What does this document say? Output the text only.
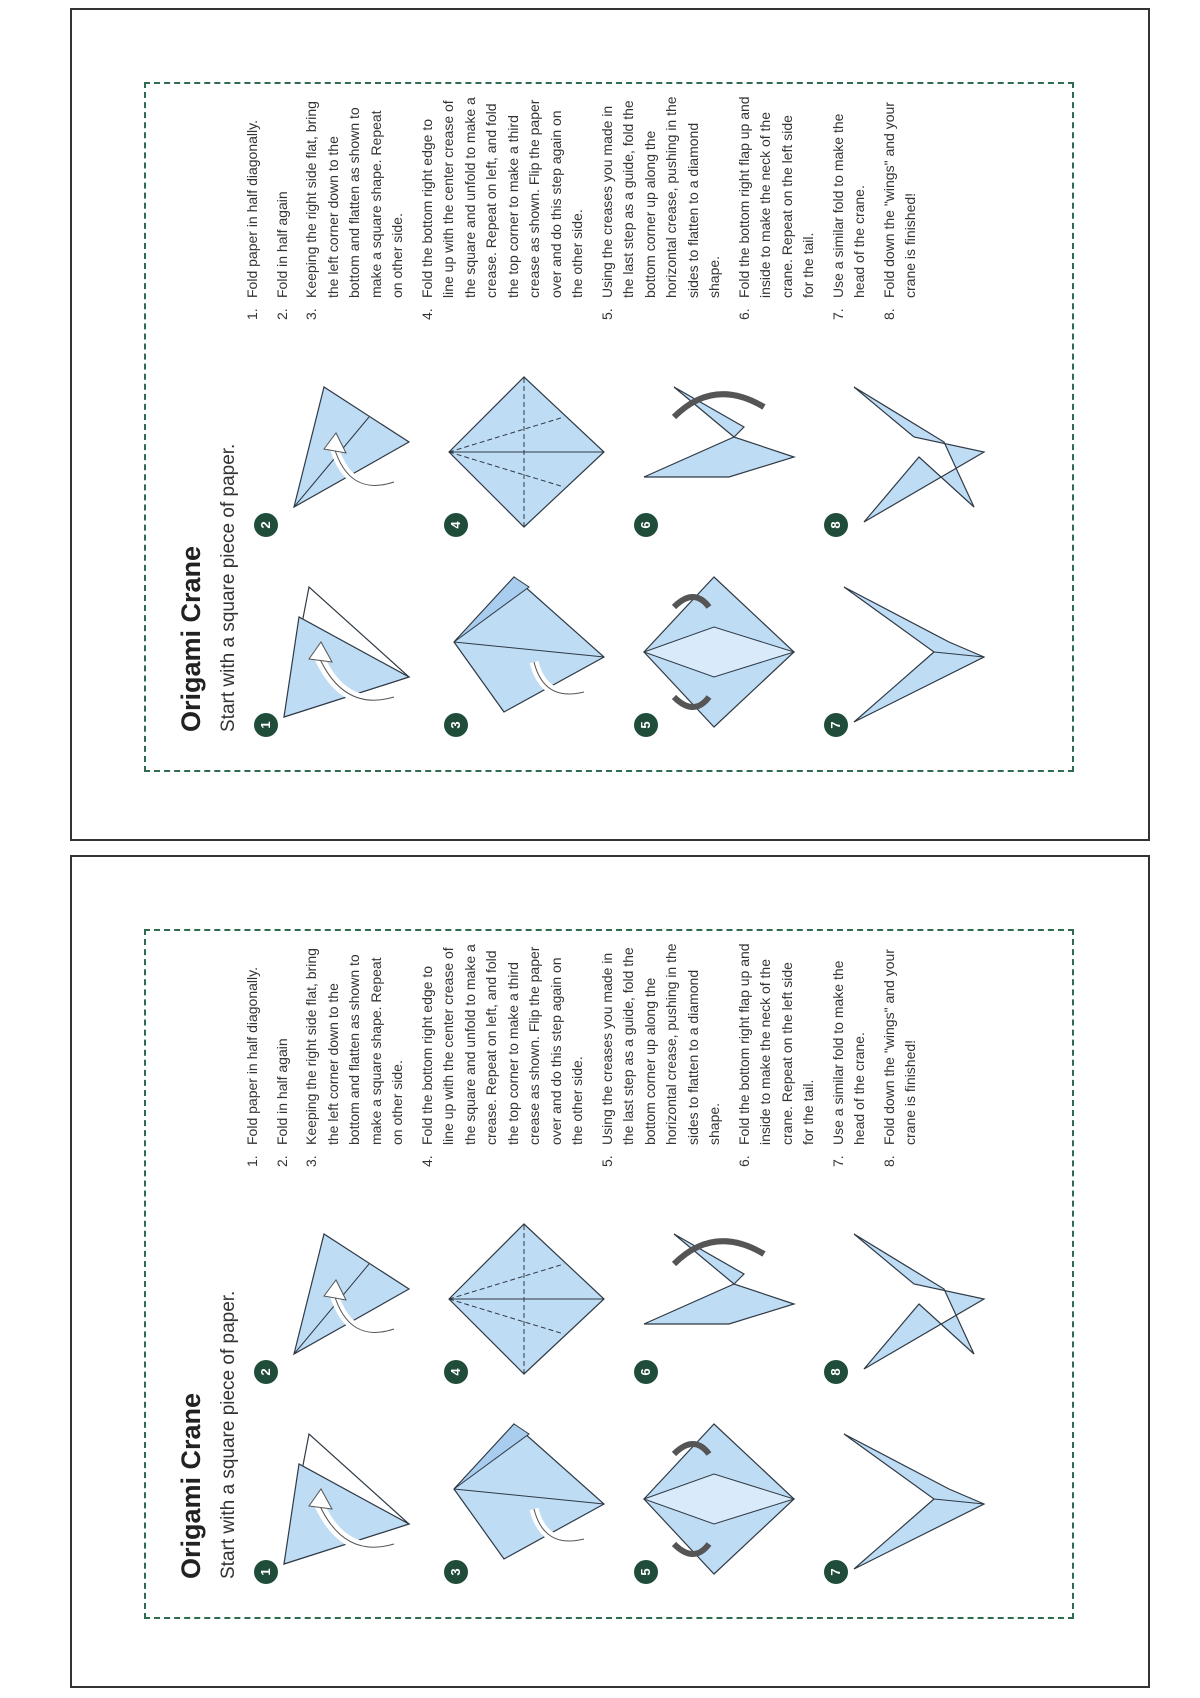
Origami Crane Start with a square piece of paper.	1
2
3
4
5
6
7
8
1.
Fold paper in half diagonally.
2.
Fold in half again
3.
Keeping the right side flat, bring the left corner down to the bottom and flatten as shown to make a square shape. Repeat on other side.
4.
Fold the bottom right edge to line up with the center crease of the square and unfold to make a crease. Repeat on left, and fold the top corner to make a third crease as shown. Flip the paper over and do this step again on the other side.
5.
Using the creases you made in the last step as a guide, fold the bottom corner up along the horizontal crease, pushing in the sides to flatten to a diamond shape.
6.
Fold the bottom right flap up and inside to make the neck of the crane. Repeat on the left side for the tail.
7.
Use a similar fold to make the head of the crane.
8.
Fold down the "wings" and your crane is finished!
Origami Crane Start with a square piece of paper.	1
2
3
4
5
6
7
8
1.
Fold paper in half diagonally.
2.
Fold in half again
3.
Keeping the right side flat, bring the left corner down to the bottom and flatten as shown to make a square shape. Repeat on other side.
4.
Fold the bottom right edge to line up with the center crease of the square and unfold to make a crease. Repeat on left, and fold the top corner to make a third crease as shown. Flip the paper over and do this step again on the other side.
5.
Using the creases you made in the last step as a guide, fold the bottom corner up along the horizontal crease, pushing in the sides to flatten to a diamond shape.
6.
Fold the bottom right flap up and inside to make the neck of the crane. Repeat on the left side for the tail.
7.
Use a similar fold to make the head of the crane.
8.
Fold down the "wings" and your crane is finished!
